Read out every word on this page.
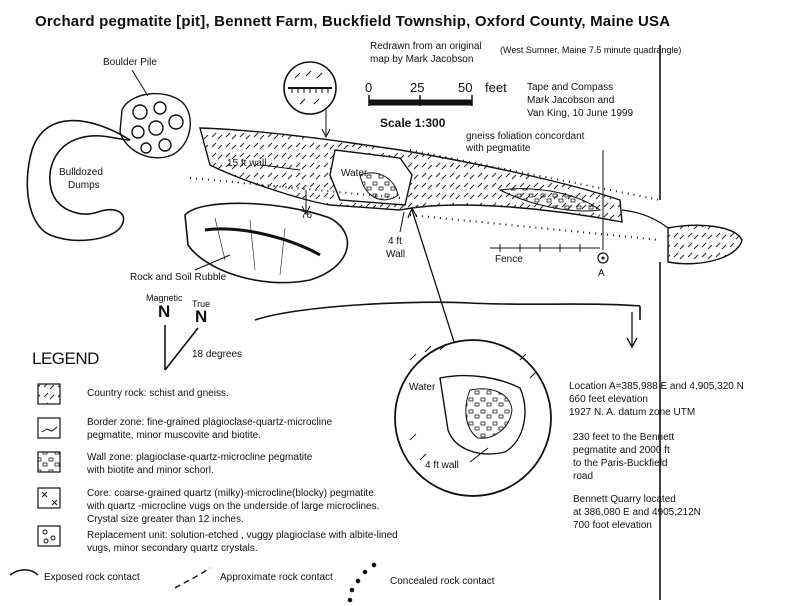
Orchard pegmatite [pit], Bennett Farm, Buckfield Township, Oxford County, Maine USA
Redrawn from an original
map by Mark Jacobson
(West Sumner, Maine 7.5 minute quadrangle)
Tape and Compass
Mark Jacobson and
Van King, 10 June 1999
0	25	50 feet
Scale 1:300
Boulder Pile
Bulldozed
Dumps
15 ft wall
Water
76
4 ft
Wall
gneiss foliation concordant
with pegmatite
Fence
A
Rock and Soil Rubble
Water
4 ft wall
Magnetic
True
N N
18 degrees
LEGEND
Country rock: schist and gneiss.
Border zone: fine-grained plagioclase-quartz-microcline
pegmatite, minor muscovite and biotite.
Wall zone: plagioclase-quartz-microcline pegmatite
with biotite and minor schorl.
Core: coarse-grained quartz (milky)-microcline(blocky) pegmatite
with quartz -microcline vugs on the underside of large microclines.
Crystal size greater than 12 inches.
Replacement unit: solution-etched , vuggy plagioclase with albite-lined
vugs, minor secondary quartz crystals.
Exposed rock contact	Approximate rock contact	Concealed rock contact
Location A=385,988 E and 4,905,320 N
660 feet elevation
1927 N. A. datum zone UTM
230 feet to the Bennett
pegmatite and 2000 ft
to the Paris-Buckfield
road
Bennett Quarry located
at 386,080 E and 4905,212N
700 foot elevation
